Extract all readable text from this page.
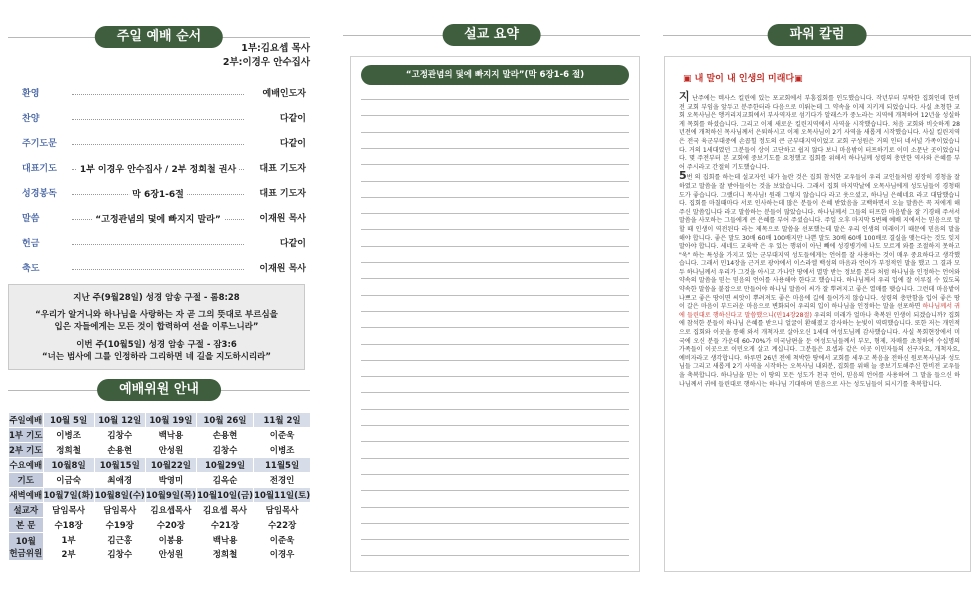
주일 예배 순서
1부:김요셉 목사
2부:이경우 안수집사
환영	예배인도자
찬양	다같이
주기도문	다같이
대표기도	1부 이경우 안수집사 / 2부 정희철 권사	대표 기도자
성경봉독	막 6장1-6절	대표 기도자
말씀	“고정관념의 덫에 빠지지 말라”	이재원 목사
헌금	다같이
축도	이재원 목사
지난 주(9월28일) 성경 암송 구절 - 롬8:28
“우리가 알거니와 하나님을 사랑하는 자 곧 그의 뜻대로 부르심을
입은 자들에게는 모든 것이 합력하여 선을 이루느니라”
이번 주(10월5일) 성경 암송 구절 - 잠3:6
“너는 범사에 그를 인정하라 그리하면 네 길을 지도하시리라”
예배위원 안내
주일예배	10월 5일	10월 12일	10월 19일	10월 26일	11월 2일
1부 기도	이병조	김창수	백낙용	손용현	이준욱
2부 기도	정희철	손용현	안성원	김창수	이병조
수요예배	10월8일	10월15일	10월22일	10월29일	11월5일
기도	이금숙	최애경	박영미	김옥순	전경인
새벽예배	10월7일(화)	10월8일(수)	10월9일(목)	10월10일(금)	10월11일(토)
설교자	담임목사	담임목사	김요셉목사	김요셉 목사	담임목사
본 문	수18장	수19장	수20장	수21장	수22장

10월
헌금위원	1부	김근홍	이봉용	백낙용	이준욱
	2부	김창수	안성원	정희철	이경우
설교 요약
“고정관념의 덫에 빠지지 말라”(막 6장1-6 절)
파워 칼럼
▣ 내 말이 내 인생의 미래다▣
지 난주에는 텍사스 킬린에 있는 포교회에서 부흥집회를 인도했습니다. 작년부터 부탁한 집회인데 한비전 교회 부임을 앞두고 분주한터라 다음으로 미뤄논데 그 약속을 이제 지키게 되었습니다. 사실 초청한 교회 오목사님은 앵커리지교회에서 부사역자로 섬기다가 알래스카 중노라는 지역에 개척하여 12년을 성실하게 목회를 하셨습니다. 그리고 이제 새로운 킬린지역에서 사역을 시작했습니다. 처음 교회와 비슷하게 28년전에 개척하신 목사님께서 은퇴하시고 이제 오목사님이 2기 사역을 새롭게 시작했습니다. 사실 킬린지역은 전국 육군부대중에 손꼽힐 정도의 큰 군부대지역이었고 교회 구성원은 거의 인터 네셔널 가족이었습니다. 거의 1세대였던 그분들이 상이 고단하고 쉽지 않다 보니 마음밖이 터프하기로 이미 소문난 곳이었습니다. 몇 주전부터 본 교회에 중보기도를 요청했고 집회를 위해서 하나님께 성령의 충만한 역사와 은혜를 부어 주시라고 간절히 기도했습니다.
5번 의 집회를 하는데 설교자인 내가 놀란 것은 집회 참석한 교우들이 우리 교인들처럼 굉장히 경청을 잘 하였고 말씀을 잘 받아들이는 것을 보았습니다. 그래서 집회 마지막날에 오목사님에게 성도님들이 경청태도가 좋습니다. 그랬더니 목사님! 원래 그렇지 않습니다 라고 웃으셨고, 하나님 은혜네요 라고 대답했습니다. 집회를 마칠때마다 서로 인사하는데 많은 분들이 은혜 받았음을 고백하면서 오늘 말씀은 꼭 저에게 해주신 말씀입니다 라고 말씀하는 분들이 많았습니다. 하나님께서 그들의 터프한 마음밭을 잘 기경해 주셔서 말씀을 사모하는 그들에게 큰 은혜를 부어 주셨습니다. 주일 오후 마지막 5번째 예배 지에서는 믿음으로 말할 때 인생이 역전된다 라는 제목으로 말씀을 선포했는데 말은 우리 인생의 미래이기 때문에 믿음의 말을 해야 합니다. 좋은 말도 30배 60배 100배지만 나쁜 말도 30배 60배 100배로 결실을 맺는다는 것도 잊지 말아야 합니다. 세네드 교육박 은 우 있는 행위이 아닌 빼에 성경병기에 나도 모르게 와를 조절하지 못하고 "욱" 하는 특성을 가지고 있는 군부대지역 성도들에게는 언어를 잘 사용하는 것이 매우 중요하다고 생각했습니다. 그래서 민14장을 근거로 광야에서 이스라엘 백성의 마음과 언어가 부정적인 말을 했고 그 결과 모두 하나님께서 우리가 그것을 아시고 가나안 땅에서 멸망 받는 정보를 본다 처럼 하나님을 인정하는 언어와 약속의 말씀을 믿는 믿음의 언어를 사용해야 한다고 했습니다. 하나님께서 우리 입에 잘 이루질 수 있도록 약속한 말씀을 붙잡으로 만들어야 하나님 말씀이 씨가 잘 뿌려지고 좋은 열매를 맺습니다. 그런데 마음밭이 나쁘고 좋은 땅이면 씨앗이 뿌려져도 좋은 마음에 길에 들어가지 않습니다. 성령의 충만함을 입어 좋은 땅이 갈은 마음이 부드러운 마음으로 변화되어 우리의 입이 하나님을 인정하는 말을 선포하면 하나님께서 귀에 들린대로 행하신다고 말씀했으니(민14장28절) 우리의 미래가 얼마나 축복된 인생이 되겠습니까? 집회에 참석한 분들이 하나님 은혜를 받으니 얼굴이 환해졌고 감사하는 눈빛이 역력했습니다. 또한 저는 개인적으로 집회와 이곳을 통해 와서 개척자로 살아오신 1세대 여성도님께 감사했습니다. 사실 목회현장에서 미국에 오신 분들 가운데 60-70%가 미국남편을 둔 여성도님들께서 부모, 형제, 자매를 초청하여 수십명의 가족들이 이곳으로 이민오게 살고 계십니다. 그분들은 요셉과 같은 이곳 이민자들의 선구자요, 개척자요, 예비자라고 생각합니다. 하루면 26년 전에 척박한 땅에서 교회를 세우고 복음을 전하신 원로목사님과 성도님들 그리고 새롭게 2기 사역을 시작하는 오목사님 내외분, 집회를 위해 늘 중보기도해주신 한비전 교우들을 축복합니다. 하나님을 믿는 이 땅의 모든 성도가 천국 언어, 믿음의 언어를 사용하여 그 말을 들으신 하나님께서 귀에 들린대로 행하시는 하나님 기대하며 믿음으로 사는 성도님들이 되시기를 축복합니다.
